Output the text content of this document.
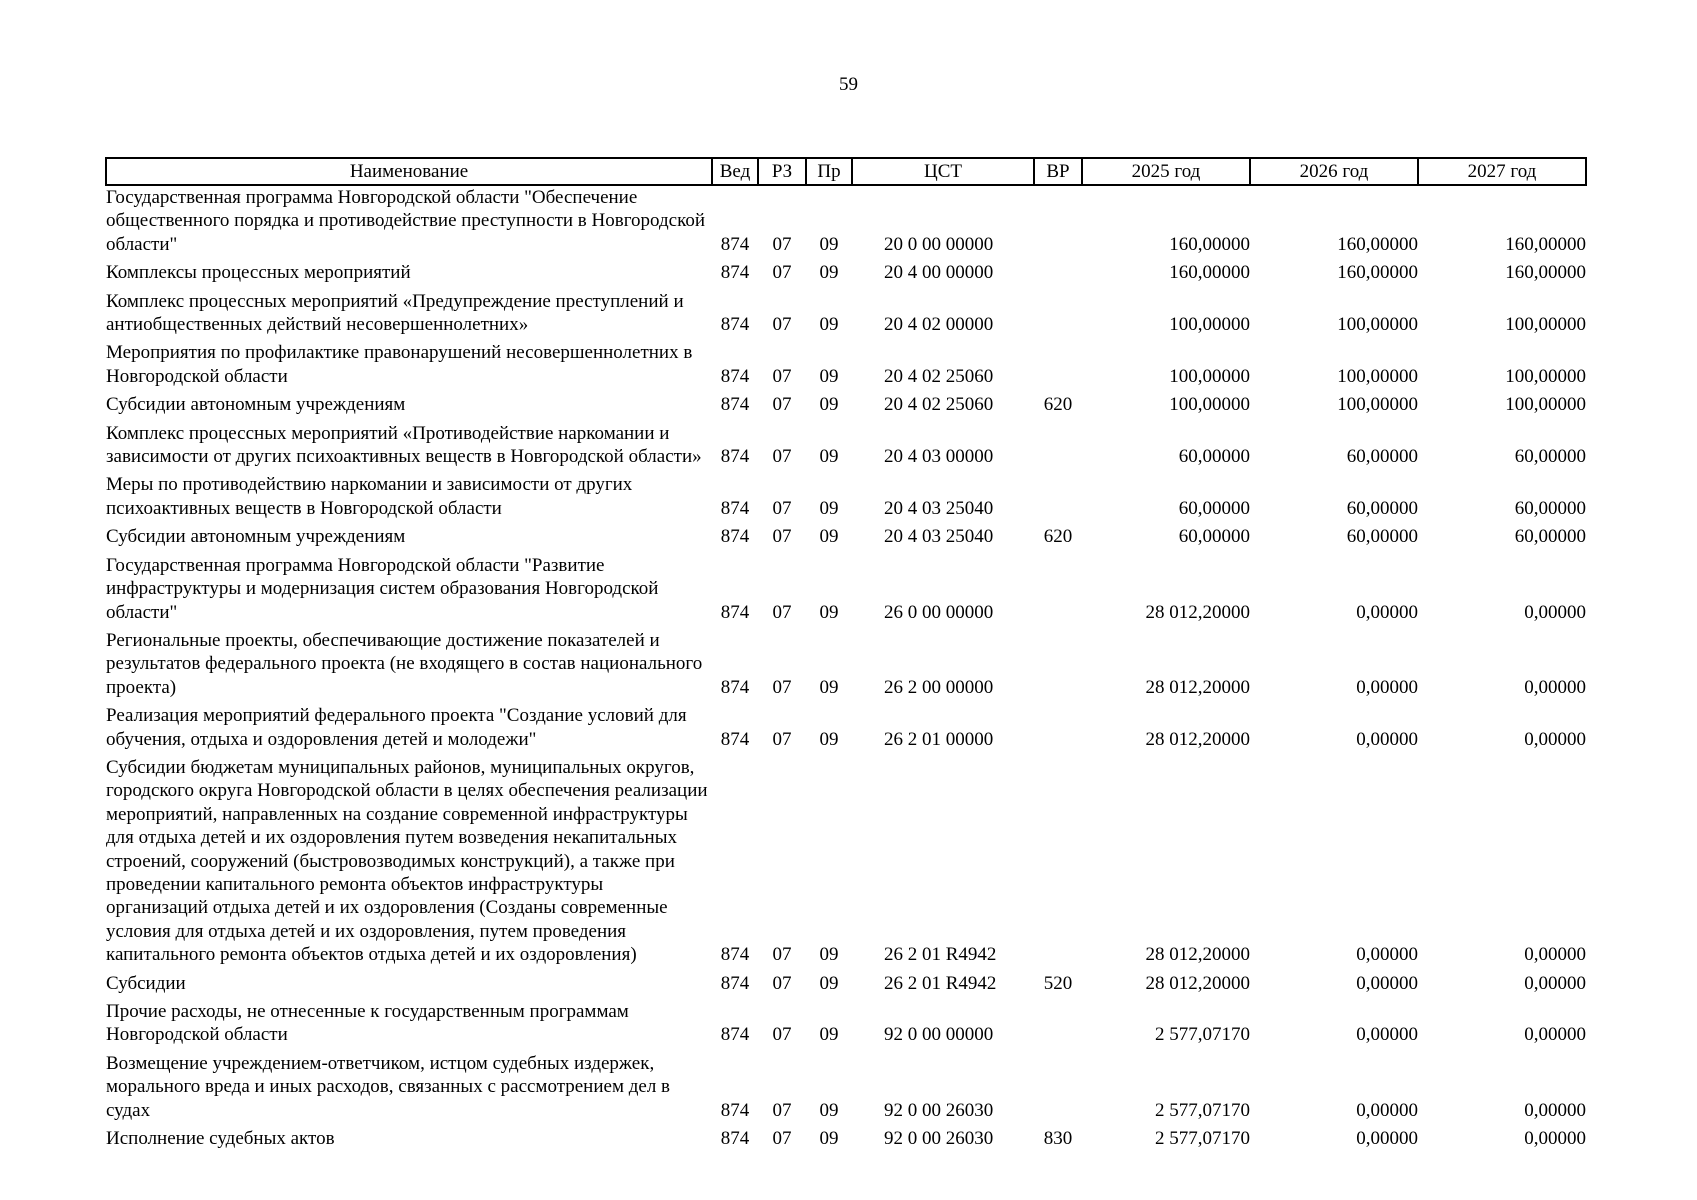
59
Наименование	Вед	РЗ	Пр	ЦСТ	ВР	2025 год	2026 год	2027 год
Государственная программа Новгородской области "Обеспечение общественного порядка и противодействие преступности в Новгородской области"	874	07	09	20 0 00 00000		160,00000	160,00000	160,00000
Комплексы процессных мероприятий	874	07	09	20 4 00 00000		160,00000	160,00000	160,00000
Комплекс процессных мероприятий «Предупреждение преступлений и антиобщественных действий несовершеннолетних»	874	07	09	20 4 02 00000		100,00000	100,00000	100,00000
Мероприятия по профилактике правонарушений несовершеннолетних в Новгородской области	874	07	09	20 4 02 25060		100,00000	100,00000	100,00000
Субсидии автономным учреждениям	874	07	09	20 4 02 25060	620	100,00000	100,00000	100,00000
Комплекс процессных мероприятий «Противодействие наркомании и зависимости от других психоактивных веществ в Новгородской области»	874	07	09	20 4 03 00000		60,00000	60,00000	60,00000
Меры по противодействию наркомании и зависимости от других психоактивных веществ в Новгородской области	874	07	09	20 4 03 25040		60,00000	60,00000	60,00000
Субсидии автономным учреждениям	874	07	09	20 4 03 25040	620	60,00000	60,00000	60,00000
Государственная программа Новгородской области "Развитие инфраструктуры и модернизация систем образования Новгородской области"	874	07	09	26 0 00 00000		28 012,20000	0,00000	0,00000
Региональные проекты, обеспечивающие достижение показателей и результатов федерального проекта (не входящего в состав национального проекта)	874	07	09	26 2 00 00000		28 012,20000	0,00000	0,00000
Реализация мероприятий федерального проекта "Создание условий для обучения, отдыха и оздоровления детей и молодежи"	874	07	09	26 2 01 00000		28 012,20000	0,00000	0,00000
Субсидии бюджетам муниципальных районов, муниципальных округов, городского округа Новгородской области в целях обеспечения реализации мероприятий, направленных на создание современной инфраструктуры для отдыха детей и их оздоровления путем возведения некапитальных строений, сооружений (быстровозводимых конструкций), а также при проведении капитального ремонта объектов инфраструктуры организаций отдыха детей и их оздоровления (Созданы современные условия для отдыха детей и их оздоровления, путем проведения капитального ремонта объектов отдыха детей и их оздоровления)	874	07	09	26 2 01 R4942		28 012,20000	0,00000	0,00000
Субсидии	874	07	09	26 2 01 R4942	520	28 012,20000	0,00000	0,00000
Прочие расходы, не отнесенные к государственным программам Новгородской области	874	07	09	92 0 00 00000		2 577,07170	0,00000	0,00000
Возмещение учреждением-ответчиком, истцом судебных издержек, морального вреда и иных расходов, связанных с рассмотрением дел в судах	874	07	09	92 0 00 26030		2 577,07170	0,00000	0,00000
Исполнение судебных актов	874	07	09	92 0 00 26030	830	2 577,07170	0,00000	0,00000
